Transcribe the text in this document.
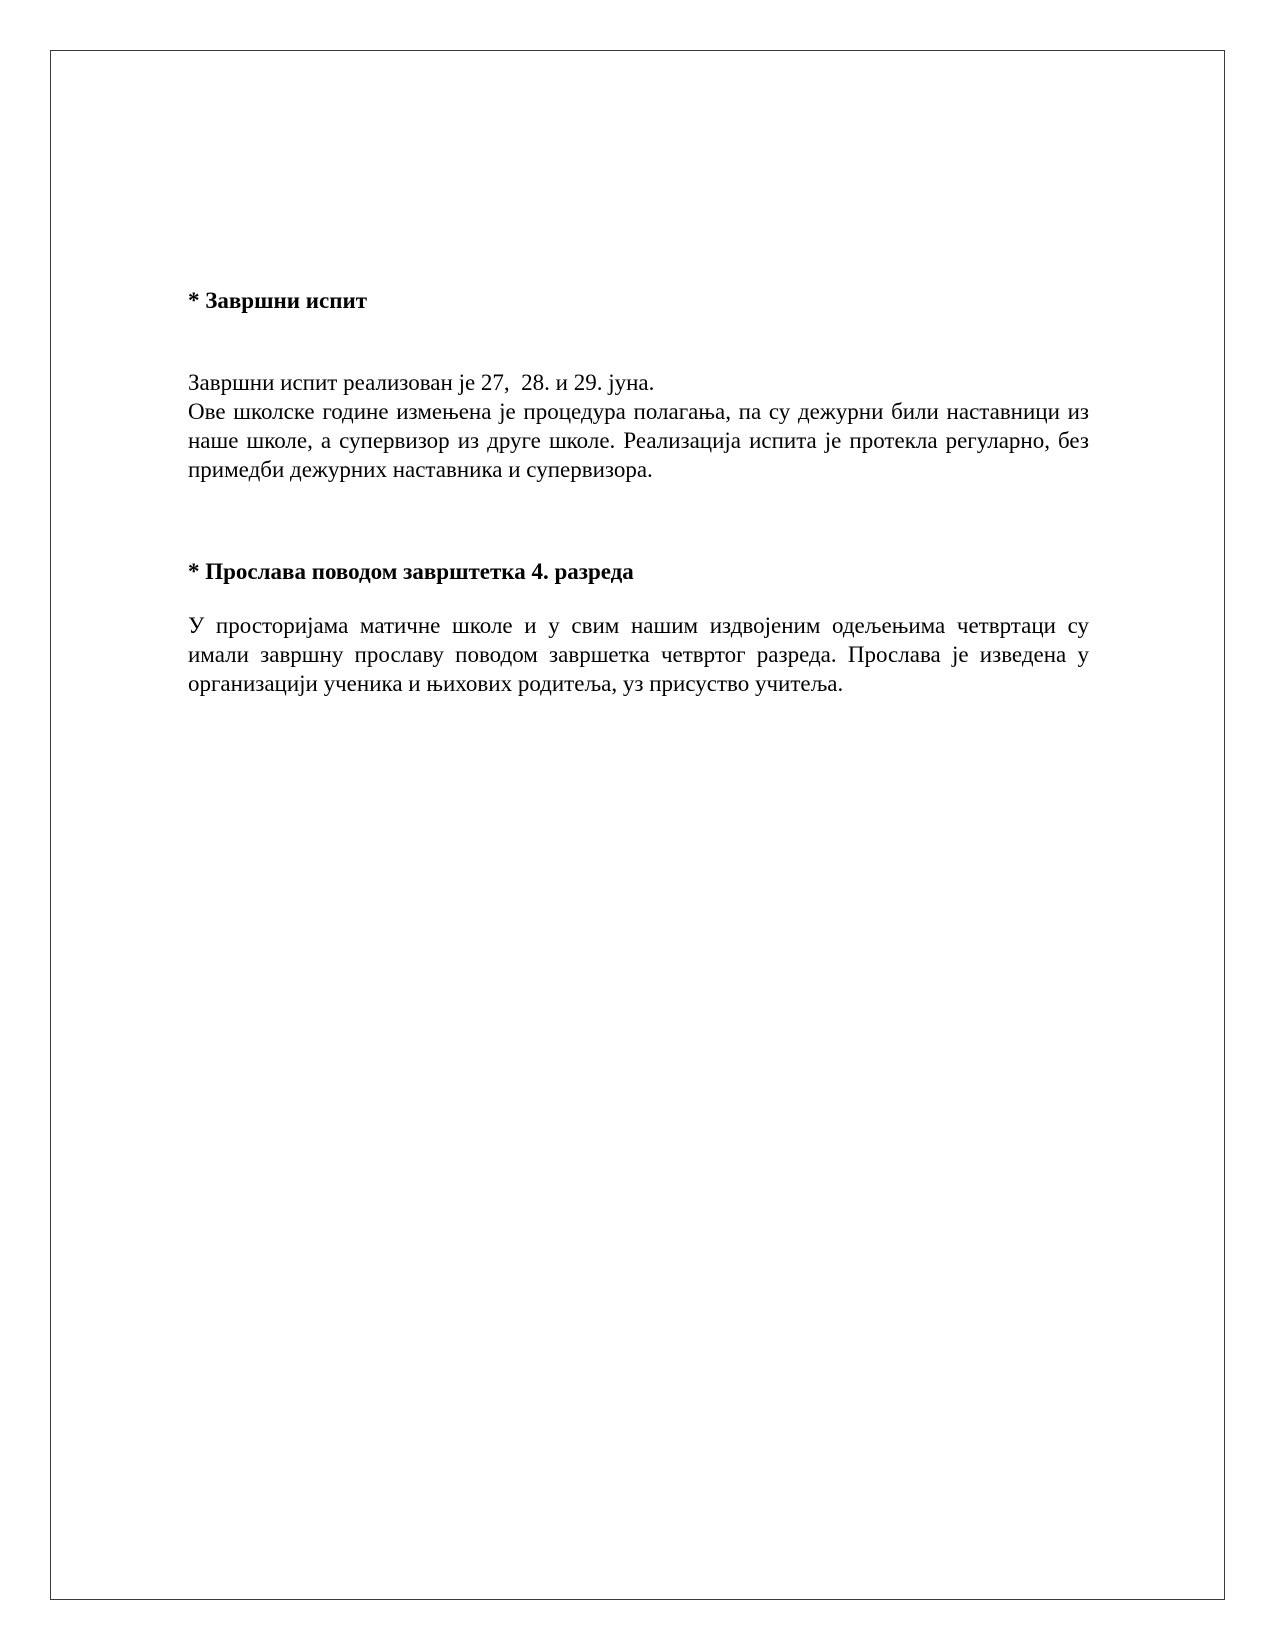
* Завршни испит

Завршни испит реализован је 27,  28. и 29. јуна.

Ове школске године измењена је процедура полагања, па су дежурни били наставници из наше школе, а супервизор из друге школе. Реализација испита је протекла регуларно, без примедби дежурних наставника и супервизора.

* Прослава поводом заврштетка 4. разреда

У просторијама матичне школе и у свим нашим издвојеним одељењима четвртаци су имали завршну прославу поводом завршетка четвртог разреда. Прослава је изведена у организацији ученика и њихових родитеља, уз присуство учитеља.
